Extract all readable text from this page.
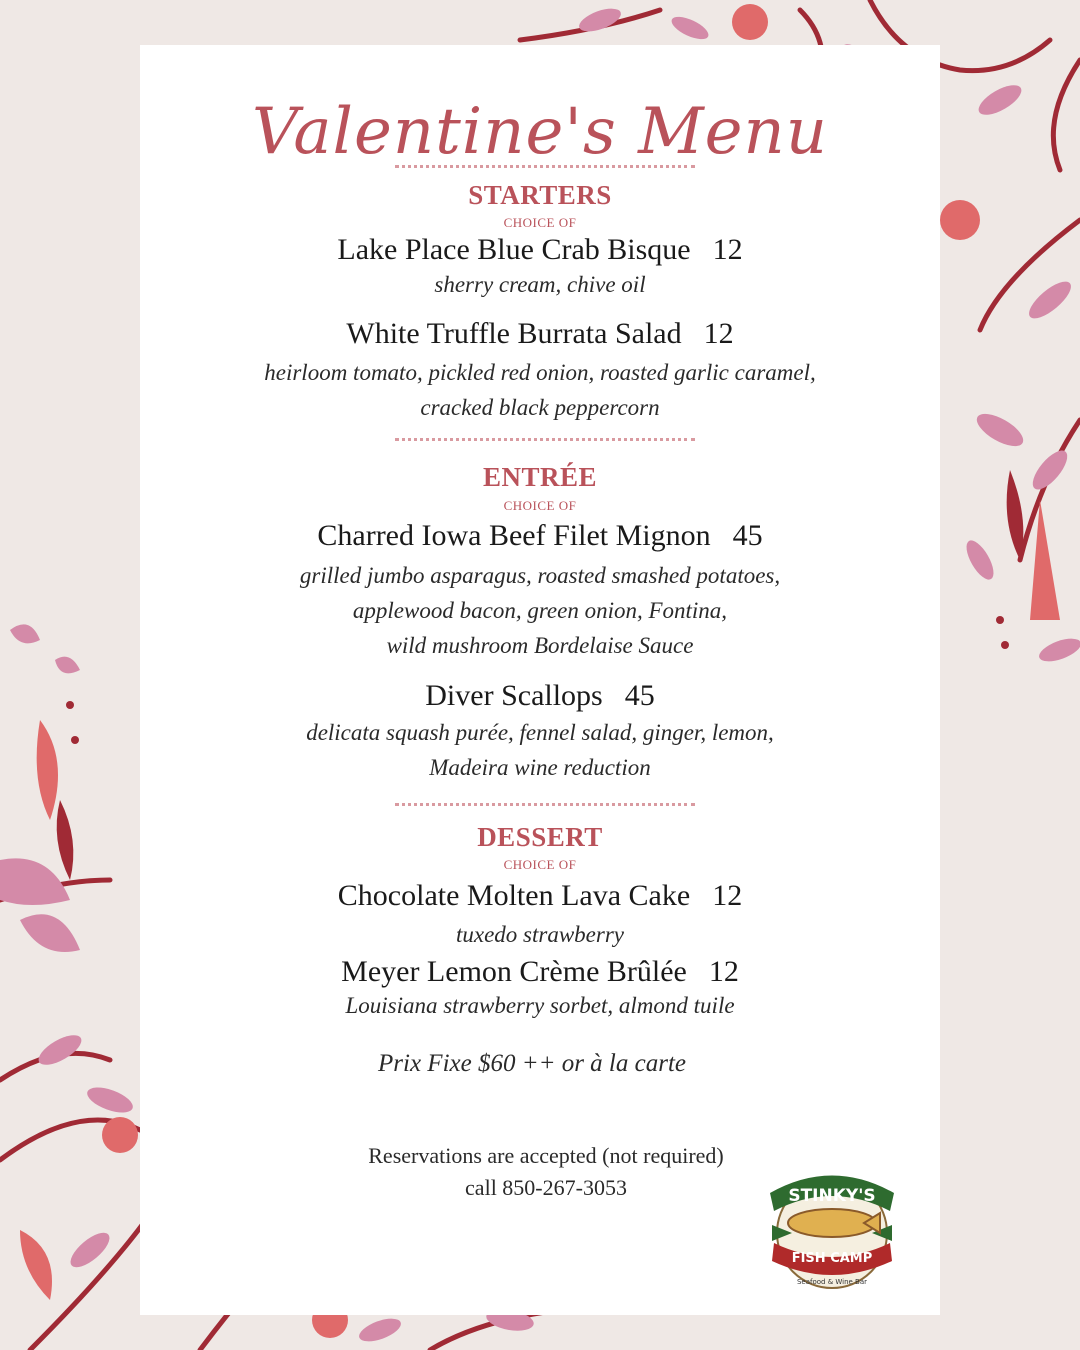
Valentine's Menu
STARTERS
CHOICE OF
Lake Place Blue Crab Bisque 12
sherry cream, chive oil
White Truffle Burrata Salad 12
heirloom tomato, pickled red onion, roasted garlic caramel,
cracked black peppercorn
ENTRÉE
CHOICE OF
Charred Iowa Beef Filet Mignon 45
grilled jumbo asparagus, roasted smashed potatoes,
applewood bacon, green onion, Fontina,
wild mushroom Bordelaise Sauce
Diver Scallops 45
delicata squash purée, fennel salad, ginger, lemon,
Madeira wine reduction
DESSERT
CHOICE OF
Chocolate Molten Lava Cake 12
tuxedo strawberry
Meyer Lemon Crème Brûlée 12
Louisiana strawberry sorbet, almond tuile
Prix Fixe $60 ++ or à la carte
Reservations are accepted (not required)
call 850-267-3053	STINKY'S
FISH CAMP
Seafood & Wine Bar
